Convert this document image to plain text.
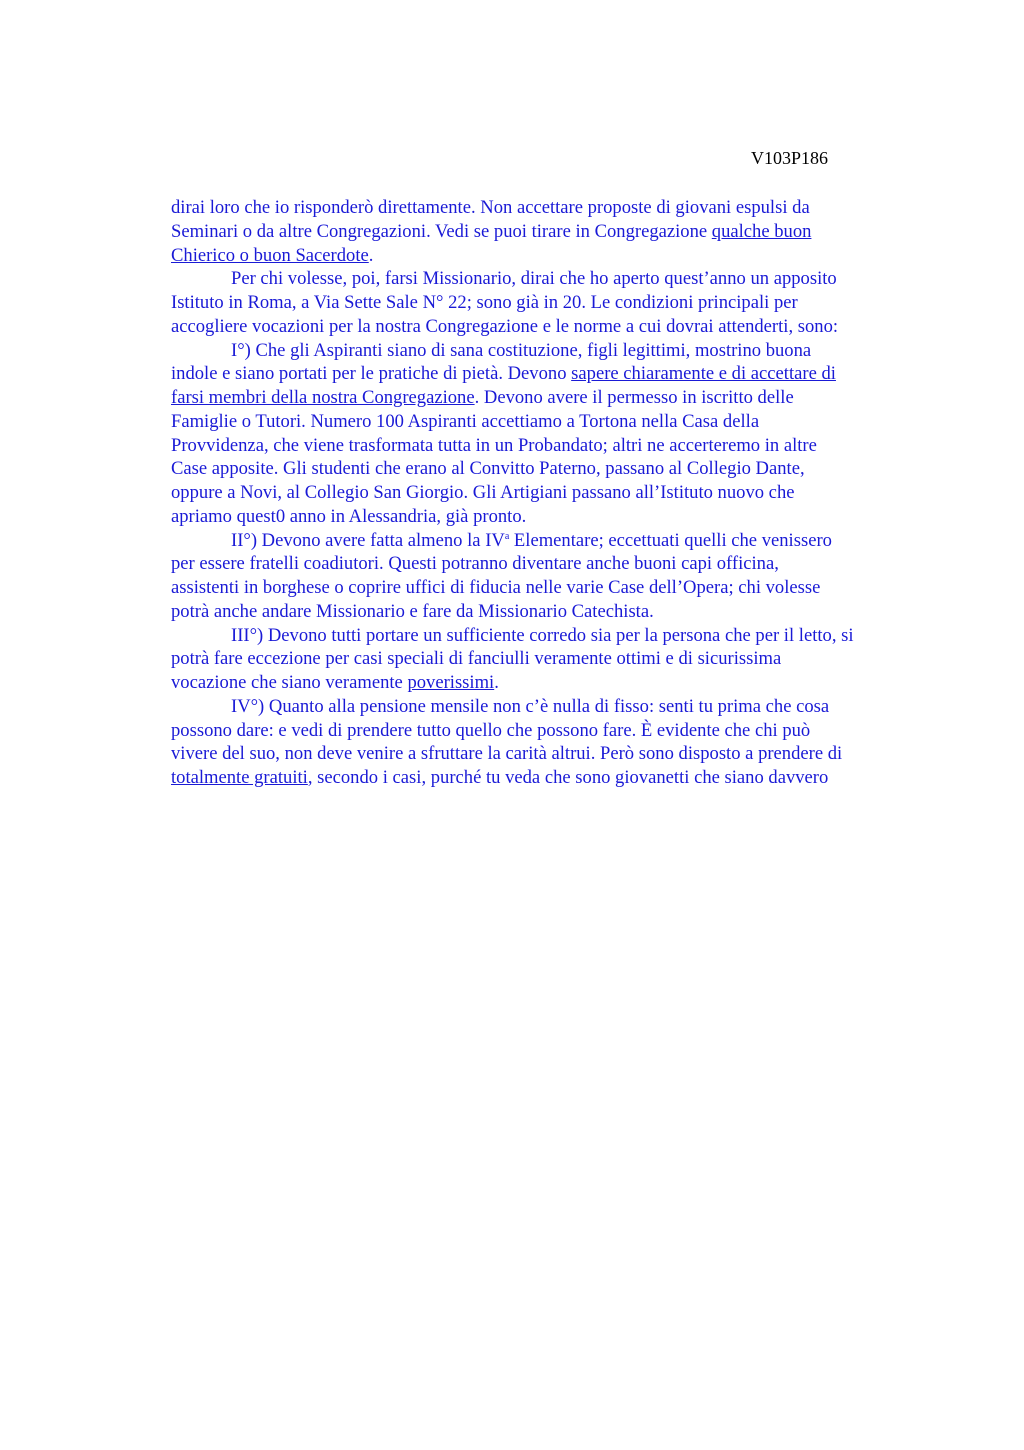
V103P186
dirai loro che io risponderò direttamente. Non accettare proposte di giovani espulsi da
Seminari o da altre Congregazioni. Vedi se puoi tirare in Congregazione qualche buon
Chierico o buon Sacerdote.
Per chi volesse, poi, farsi Missionario, dirai che ho aperto quest’anno un apposito
Istituto in Roma, a Via Sette Sale N° 22; sono già in 20. Le condizioni principali per
accogliere vocazioni per la nostra Congregazione e le norme a cui dovrai attenderti, sono:
I°) Che gli Aspiranti siano di sana costituzione, figli legittimi, mostrino buona
indole e siano portati per le pratiche di pietà. Devono sapere chiaramente e di accettare di
farsi membri della nostra Congregazione. Devono avere il permesso in iscritto delle
Famiglie o Tutori. Numero 100 Aspiranti accettiamo a Tortona nella Casa della
Provvidenza, che viene trasformata tutta in un Probandato; altri ne accerteremo in altre
Case apposite. Gli studenti che erano al Convitto Paterno, passano al Collegio Dante,
oppure a Novi, al Collegio San Giorgio. Gli Artigiani passano all’Istituto nuovo che
apriamo quest0 anno in Alessandria, già pronto.
II°) Devono avere fatta almeno la $IV^a$ Elementare; eccettuati quelli che venissero
per essere fratelli coadiutori. Questi potranno diventare anche buoni capi officina,
assistenti in borghese o coprire uffici di fiducia nelle varie Case dell’Opera; chi volesse
potrà anche andare Missionario e fare da Missionario Catechista.
III°) Devono tutti portare un sufficiente corredo sia per la persona che per il letto, si
potrà fare eccezione per casi speciali di fanciulli veramente ottimi e di sicurissima
vocazione che siano veramente poverissimi.
IV°) Quanto alla pensione mensile non c’è nulla di fisso: senti tu prima che cosa
possono dare: e vedi di prendere tutto quello che possono fare. È evidente che chi può
vivere del suo, non deve venire a sfruttare la carità altrui. Però sono disposto a prendere di
totalmente gratuiti, secondo i casi, purché tu veda che sono giovanetti che siano davvero
